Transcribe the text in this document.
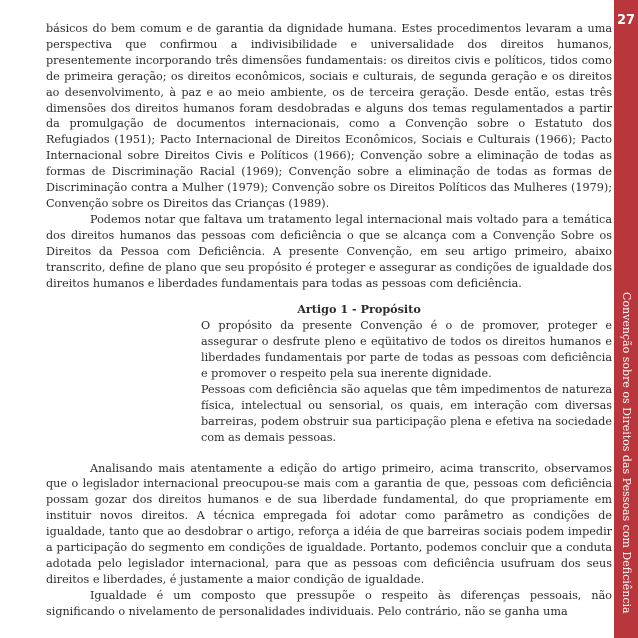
básicos do bem comum e de garantia da dignidade humana. Estes procedimentos levaram a uma perspectiva que confirmou a indivisibilidade e universalidade dos direitos humanos, presentemente incorporando três dimensões fundamentais: os direitos civis e políticos, tidos como de primeira geração; os direitos econômicos, sociais e culturais, de segunda geração e os direitos ao desenvolvimento, à paz e ao meio ambiente, os de terceira geração. Desde então, estas três dimensões dos direitos humanos foram desdobradas e alguns dos temas regulamentados a partir da promulgação de documentos internacionais, como a Convenção sobre o Estatuto dos Refugiados (1951); Pacto Internacional de Direitos Econômicos, Sociais e Culturais (1966); Pacto Internacional sobre Direitos Civis e Políticos (1966); Convenção sobre a eliminação de todas as formas de Discriminação Racial (1969); Convenção sobre a eliminação de todas as formas de Discriminação contra a Mulher (1979); Convenção sobre os Direitos Políticos das Mulheres (1979); Convenção sobre os Direitos das Crianças (1989).

Podemos notar que faltava um tratamento legal internacional mais voltado para a temática dos direitos humanos das pessoas com deficiência o que se alcança com a Convenção Sobre os Direitos da Pessoa com Deficiência. A presente Convenção, em seu artigo primeiro, abaixo transcrito, define de plano que seu propósito é proteger e assegurar as condições de igualdade dos direitos humanos e liberdades fundamentais para todas as pessoas com deficiência.

Artigo 1 - Propósito

O propósito da presente Convenção é o de promover, proteger e assegurar o desfrute pleno e eqüitativo de todos os direitos humanos e liberdades fundamentais por parte de todas as pessoas com deficiência e promover o respeito pela sua inerente dignidade.

Pessoas com deficiência são aquelas que têm impedimentos de natureza física, intelectual ou sensorial, os quais, em interação com diversas barreiras, podem obstruir sua participação plena e efetiva na sociedade com as demais pessoas.

Analisando mais atentamente a edição do artigo primeiro, acima transcrito, observamos que o legislador internacional preocupou-se mais com a garantia de que, pessoas com deficiência possam gozar dos direitos humanos e de sua liberdade fundamental, do que propriamente em instituir novos direitos. A técnica empregada foi adotar como parâmetro as condições de igualdade, tanto que ao desdobrar o artigo, reforça a idéia de que barreiras sociais podem impedir a participação do segmento em condições de igualdade. Portanto, podemos concluir que a conduta adotada pelo legislador internacional, para que as pessoas com deficiência usufruam dos seus direitos e liberdades, é justamente a maior condição de igualdade.

Igualdade é um composto que pressupõe o respeito às diferenças pessoais, não significando o nivelamento de personalidades individuais. Pelo contrário, não se ganha uma

27
Convenção sobre os Direitos das Pessoas com Deficiência
